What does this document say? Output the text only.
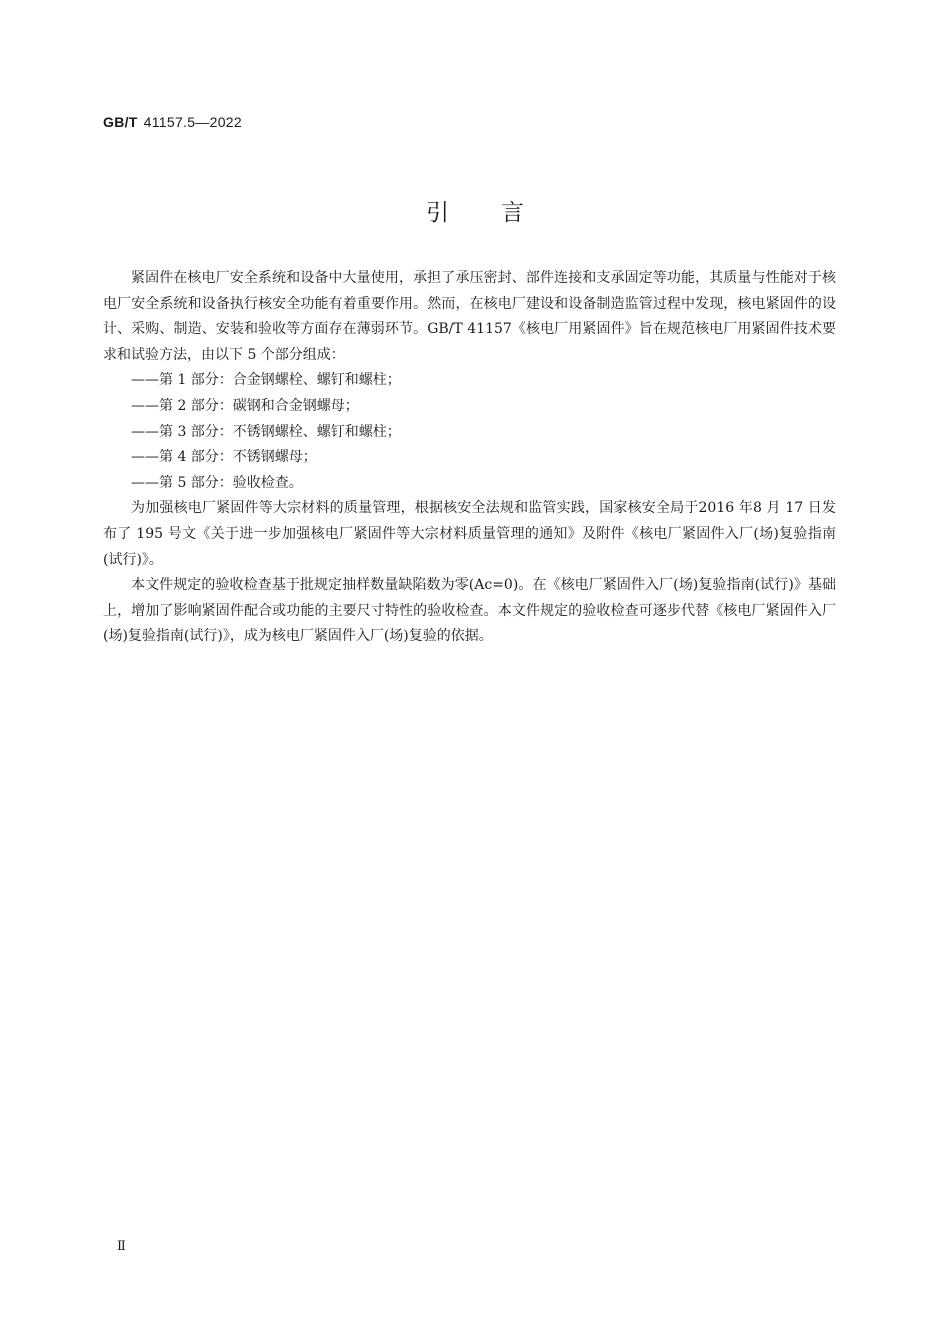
GB/T 41157.5—2022
引言

紧固件在核电厂安全系统和设备中大量使用，承担了承压密封、部件连接和支承固定等功能，其质量与性能对于核电厂安全系统和设备执行核安全功能有着重要作用。然而，在核电厂建设和设备制造监管过程中发现，核电紧固件的设计、采购、制造、安装和验收等方面存在薄弱环节。GB/T 41157《核电厂用紧固件》旨在规范核电厂用紧固件技术要求和试验方法，由以下 5 个部分组成：

——第 1 部分：合金钢螺栓、螺钉和螺柱；

——第 2 部分：碳钢和合金钢螺母；

——第 3 部分：不锈钢螺栓、螺钉和螺柱；

——第 4 部分：不锈钢螺母；

——第 5 部分：验收检查。

为加强核电厂紧固件等大宗材料的质量管理，根据核安全法规和监管实践，国家核安全局于2016 年8 月 17 日发布了 195 号文《关于进一步加强核电厂紧固件等大宗材料质量管理的通知》及附件《核电厂紧固件入厂(场)复验指南(试行)》。

本文件规定的验收检查基于批规定抽样数量缺陷数为零(Ac=0)。在《核电厂紧固件入厂(场)复验指南(试行)》基础上，增加了影响紧固件配合或功能的主要尺寸特性的验收检查。本文件规定的验收检查可逐步代替《核电厂紧固件入厂(场)复验指南(试行)》，成为核电厂紧固件入厂(场)复验的依据。

Ⅱ
